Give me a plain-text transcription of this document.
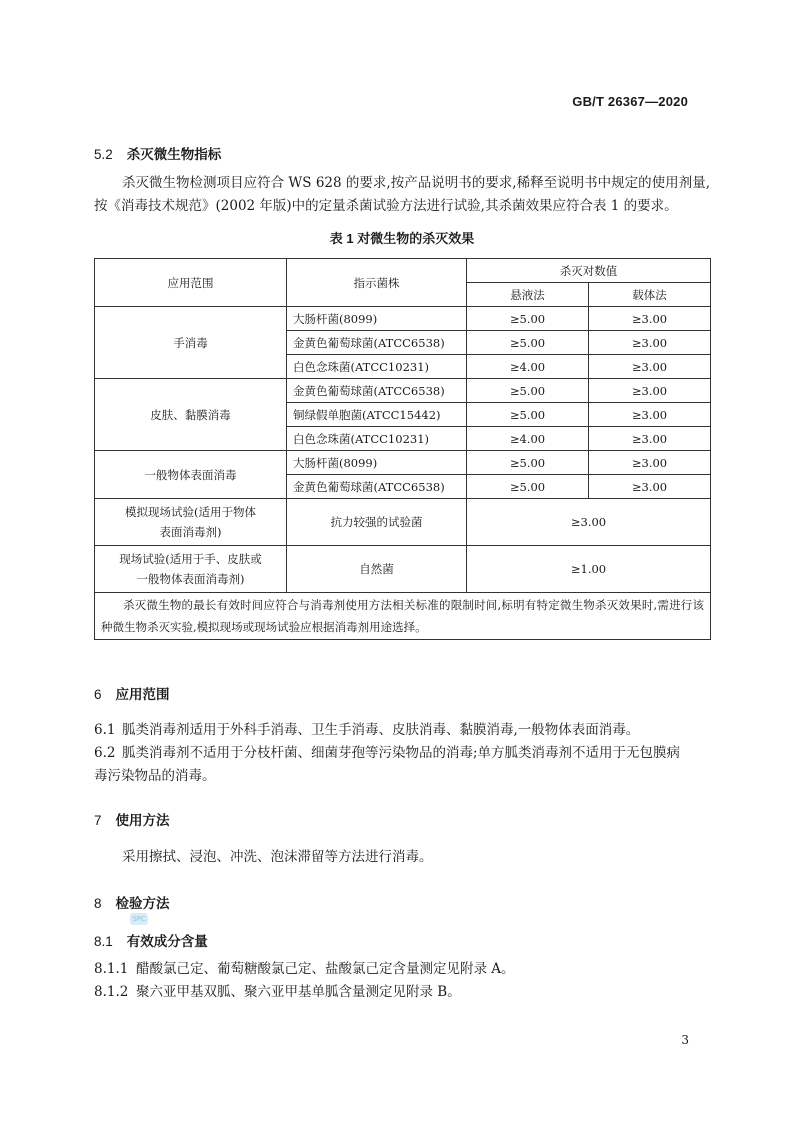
GB/T 26367—2020
5.2 杀灭微生物指标
杀灭微生物检测项目应符合 WS 628 的要求,按产品说明书的要求,稀释至说明书中规定的使用剂量,按《消毒技术规范》(2002 年版)中的定量杀菌试验方法进行试验,其杀菌效果应符合表 1 的要求。
表 1 对微生物的杀灭效果
应用范围	指示菌株	杀灭对数值	
		悬液法	载体法
手消毒	大肠杆菌(8099)	≥5.00	≥3.00
	金黄色葡萄球菌(ATCC6538)	≥5.00	≥3.00
	白色念珠菌(ATCC10231)	≥4.00	≥3.00
皮肤、黏膜消毒	金黄色葡萄球菌(ATCC6538)	≥5.00	≥3.00
	铜绿假单胞菌(ATCC15442)	≥5.00	≥3.00
	白色念珠菌(ATCC10231)	≥4.00	≥3.00
一般物体表面消毒	大肠杆菌(8099)	≥5.00	≥3.00
	金黄色葡萄球菌(ATCC6538)	≥5.00	≥3.00
模拟现场试验(适用于物体
表面消毒剂)	抗力较强的试验菌	≥3.00	
现场试验(适用于手、皮肤或
一般物体表面消毒剂)	自然菌	≥1.00	
杀灭微生物的最长有效时间应符合与消毒剂使用方法相关标准的限制时间,标明有特定微生物杀灭效果时,需进行该种微生物杀灭实验,模拟现场或现场试验应根据消毒剂用途选择。			
6 应用范围
6.1 胍类消毒剂适用于外科手消毒、卫生手消毒、皮肤消毒、黏膜消毒,一般物体表面消毒。
6.2 胍类消毒剂不适用于分枝杆菌、细菌芽孢等污染物品的消毒;单方胍类消毒剂不适用于无包膜病
毒污染物品的消毒。
7 使用方法
采用擦拭、浸泡、冲洗、泡沫滞留等方法进行消毒。
8 检验方法
SPC
8.1 有效成分含量
8.1.1 醋酸氯己定、葡萄糖酸氯己定、盐酸氯己定含量测定见附录 A。
8.1.2 聚六亚甲基双胍、聚六亚甲基单胍含量测定见附录 B。
3
